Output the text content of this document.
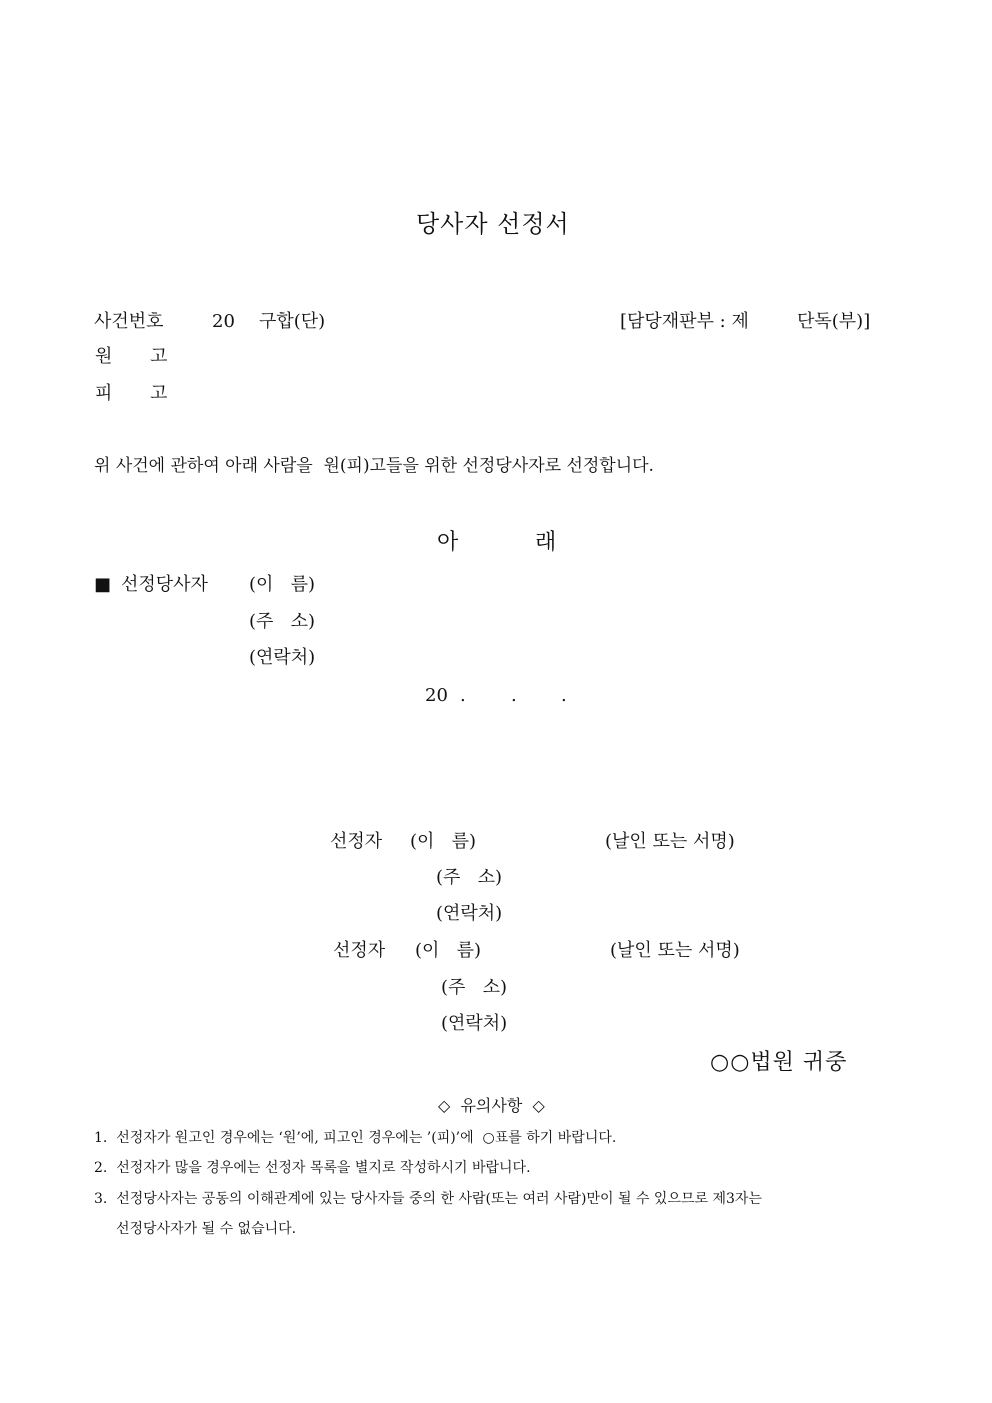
당사자 선정서
사건번호	20 구합(단)	[담당재판부 : 제	단독(부)]
원 고
피 고
위 사건에 관하여 아래 사람을  원(피)고들을 위한 선정당사자로 선정합니다.
아	래
■ 선정당사자 (이   름)
(주   소)
(연락처)
20 .	. .
선정자 (이   름)	(날인 또는 서명)
(주   소)
(연락처)
선정자 (이   름)	(날인 또는 서명)
(주   소)
(연락처)
○○법원 귀중
◇  유의사항  ◇
1.  선정자가 원고인 경우에는 ‘원’에, 피고인 경우에는 ’(피)’에  ○표를 하기 바랍니다.
2.  선정자가 많을 경우에는 선정자 목록을 별지로 작성하시기 바랍니다.
3.  선정당사자는 공동의 이해관계에 있는 당사자들 중의 한 사람(또는 여러 사람)만이 될 수 있으므로 제3자는
선정당사자가 될 수 없습니다.
